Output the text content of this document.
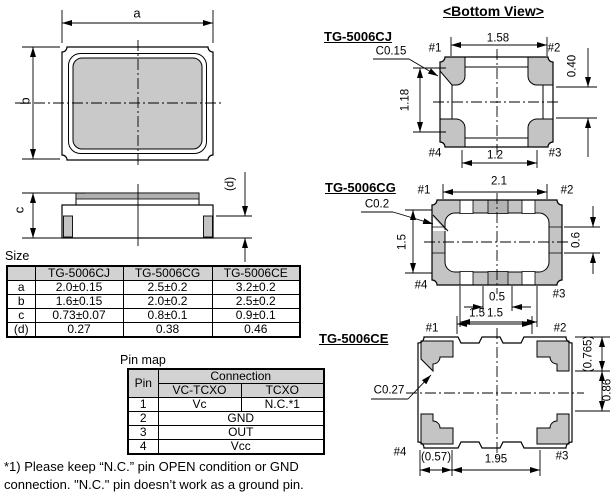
<Bottom View>
a
b
c
(d)
TG-5006CJ
C0.15 #1	#2
#3
#4
1.58
1.18
0.40
1.2
TG-5006CG
C0.2
#1	#2
#3
#4
2.1
1.5	0.6
0.5
1.5
TG-5006CE
C0.27
#1	#2
#3
#4
1.5
(0.765)
0.86
(0.57)	1.95
Size
	TG-5006CJ	TG-5006CG	TG-5006CE
a	2.0±0.15	2.5±0.2	3.2±0.2
b	1.6±0.15	2.0±0.2	2.5±0.2
c	0.73±0.07	0.8±0.1	0.9±0.1
(d)	0.27	0.38	0.46
Pin map
Pin	Connection	
	VC-TCXO	TCXO
1	Vc	N.C.*1
2	GND	
3	OUT	
4	Vcc	
*1) Please keep “N.C.” pin OPEN condition or GND
connection. "N.C." pin doesn’t work as a ground pin.
